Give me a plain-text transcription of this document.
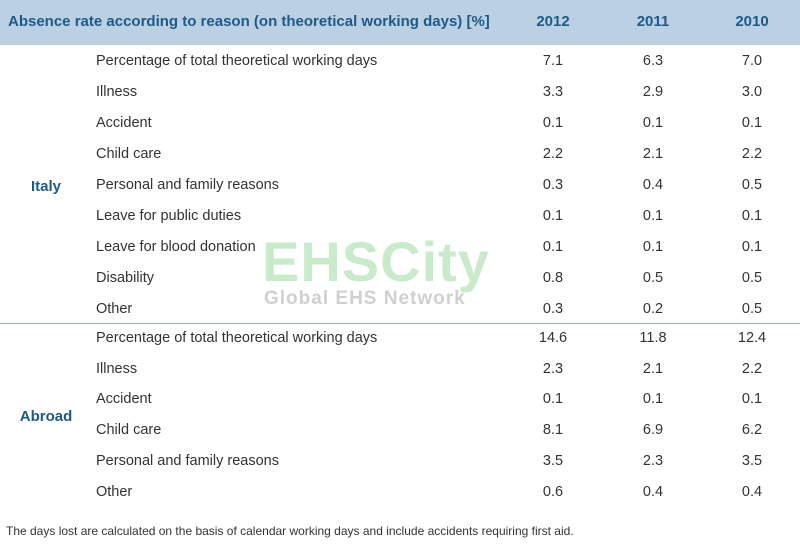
Absence rate according to reason (on theoretical working days) [%]	2012	2011	2010
Italy
Percentage of total theoretical working days	7.1	6.3	7.0
Illness	3.3	2.9	3.0
Accident	0.1	0.1	0.1
Child care	2.2	2.1	2.2
Personal and family reasons	0.3	0.4	0.5
Leave for public duties	0.1	0.1	0.1
Leave for blood donation	0.1	0.1	0.1
Disability	0.8	0.5	0.5
Other	0.3	0.2	0.5
Abroad
Percentage of total theoretical working days	14.6	11.8	12.4
Illness	2.3	2.1	2.2
Accident	0.1	0.1	0.1
Child care	8.1	6.9	6.2
Personal and family reasons	3.5	2.3	3.5
Other	0.6	0.4	0.4
EHSCity
Global EHS Network
The days lost are calculated on the basis of calendar working days and include accidents requiring first aid.
